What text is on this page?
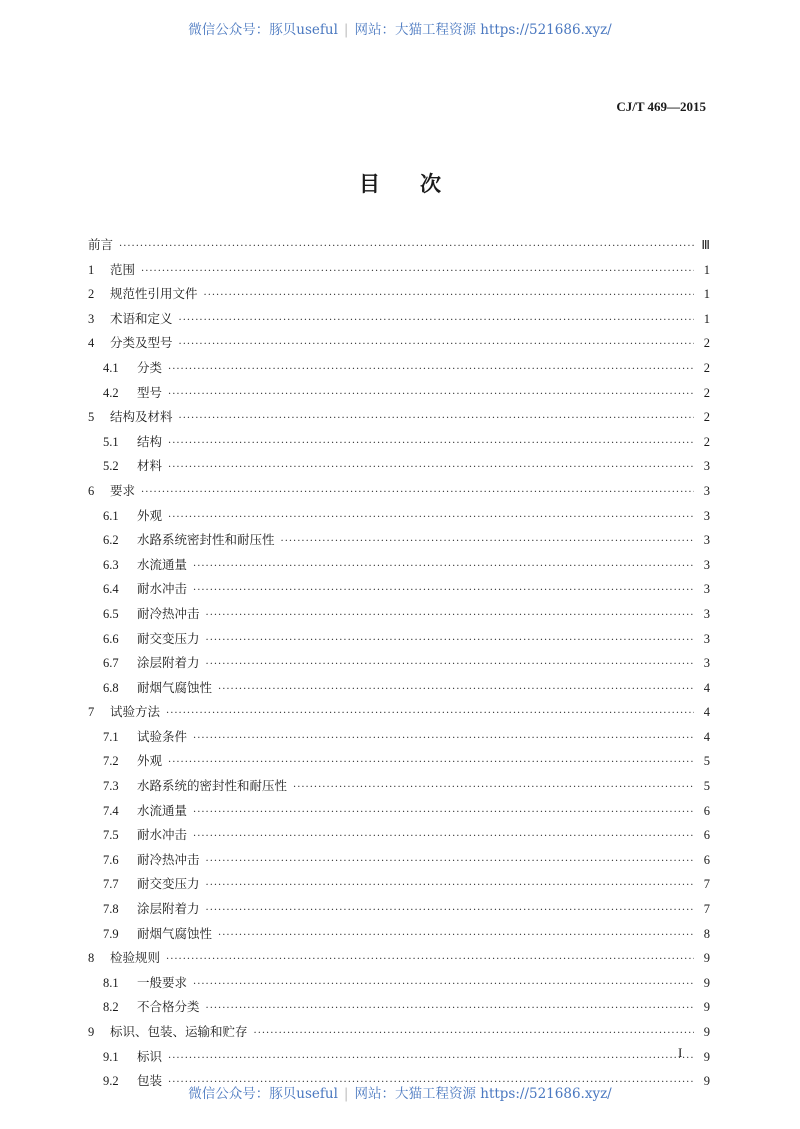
微信公众号：豚贝useful | 网站：大猫工程资源 https://521686.xyz/
CJ/T 469—2015
目次
前言 ·····	Ⅲ
1	范围 ·····	1
2	规范性引用文件 ·····	1
3	术语和定义 ·····	1
4	分类及型号 ·····	2
4.1	分类 ·····	2
4.2	型号 ·····	2
5	结构及材料 ·····	2
5.1	结构 ·····	2
5.2	材料 ·····	3
6	要求 ·····	3
6.1	外观 ·····	3
6.2	水路系统密封性和耐压性 ·····	3
6.3	水流通量 ·····	3
6.4	耐水冲击 ·····	3
6.5	耐冷热冲击 ·····	3
6.6	耐交变压力 ·····	3
6.7	涂层附着力 ·····	3
6.8	耐烟气腐蚀性 ·····	4
7	试验方法 ·····	4
7.1	试验条件 ·····	4
7.2	外观 ·····	5
7.3	水路系统的密封性和耐压性 ·····	5
7.4	水流通量 ·····	6
7.5	耐水冲击 ·····	6
7.6	耐冷热冲击 ·····	6
7.7	耐交变压力 ·····	7
7.8	涂层附着力 ·····	7
7.9	耐烟气腐蚀性 ·····	8
8	检验规则 ·····	9
8.1	一般要求 ·····	9
8.2	不合格分类 ·····	9
9	标识、包装、运输和贮存 ·····	9
9.1	标识 ·····	9
9.2	包装 ·····	9
I
微信公众号：豚贝useful | 网站：大猫工程资源 https://521686.xyz/
